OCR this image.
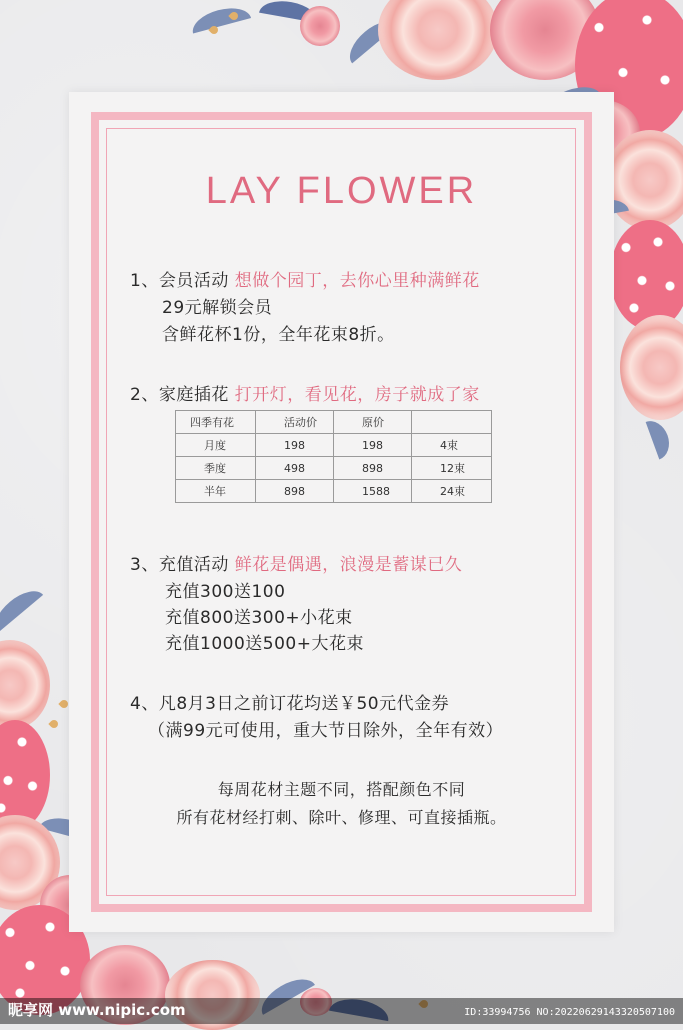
LAY FLOWER
1、会员活动 想做个园丁，去你心里种满鲜花
29元解锁会员
含鲜花杯1份，全年花束8折。
2、家庭插花 打开灯，看见花，房子就成了家
四季有花	活动价	原价	
月度	198	198	4束
季度	498	898	12束
半年	898	1588	24束
3、充值活动 鲜花是偶遇，浪漫是蓄谋已久
充值300送100
充值800送300+小花束
充值1000送500+大花束
4、凡8月3日之前订花均送￥50元代金券
（满99元可使用，重大节日除外，全年有效）
每周花材主题不同，搭配颜色不同
所有花材经打刺、除叶、修理、可直接插瓶。
昵享网 www.nipic.com	ID:33994756 NO:20220629143320507100
